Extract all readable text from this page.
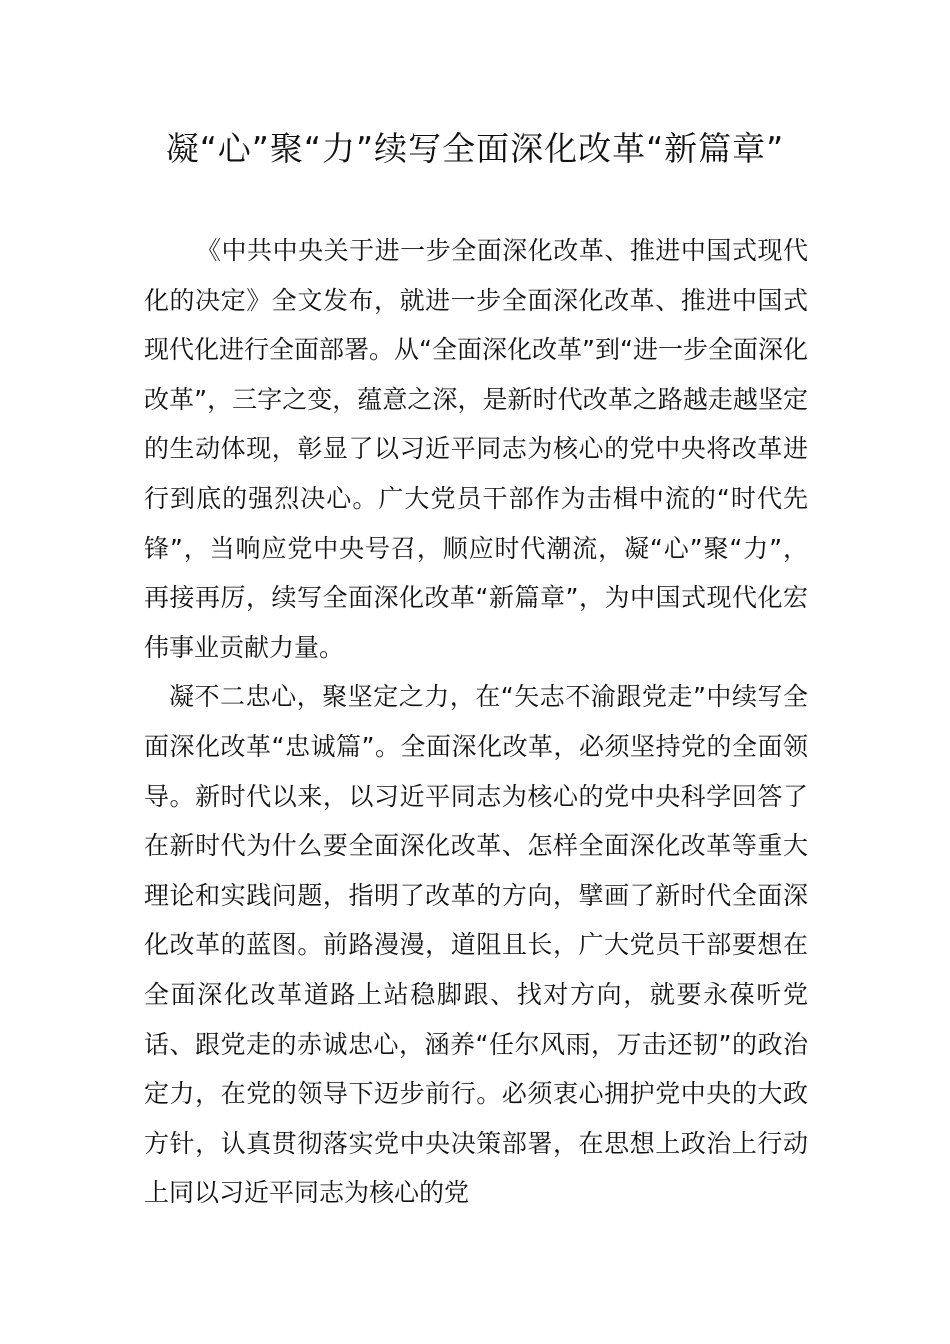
凝“心”聚“力”续写全面深化改革“新篇章”

《中共中央关于进一步全面深化改革、推进中国式现代化的决定》全文发布，就进一步全面深化改革、推进中国式现代化进行全面部署。从“全面深化改革”到“进一步全面深化改革”，三字之变，蕴意之深，是新时代改革之路越走越坚定的生动体现，彰显了以习近平同志为核心的党中央将改革进行到底的强烈决心。广大党员干部作为击楫中流的“时代先锋”，当响应党中央号召，顺应时代潮流，凝“心”聚“力”，再接再厉，续写全面深化改革“新篇章”，为中国式现代化宏伟事业贡献力量。

凝不二忠心，聚坚定之力，在“矢志不渝跟党走”中续写全面深化改革“忠诚篇”。全面深化改革，必须坚持党的全面领导。新时代以来，以习近平同志为核心的党中央科学回答了在新时代为什么要全面深化改革、怎样全面深化改革等重大理论和实践问题，指明了改革的方向，擘画了新时代全面深化改革的蓝图。前路漫漫，道阻且长，广大党员干部要想在全面深化改革道路上站稳脚跟、找对方向，就要永葆听党话、跟党走的赤诚忠心，涵养“任尔风雨，万击还韧”的政治定力，在党的领导下迈步前行。必须衷心拥护党中央的大政方针，认真贯彻落实党中央决策部署，在思想上政治上行动上同以习近平同志为核心的党
